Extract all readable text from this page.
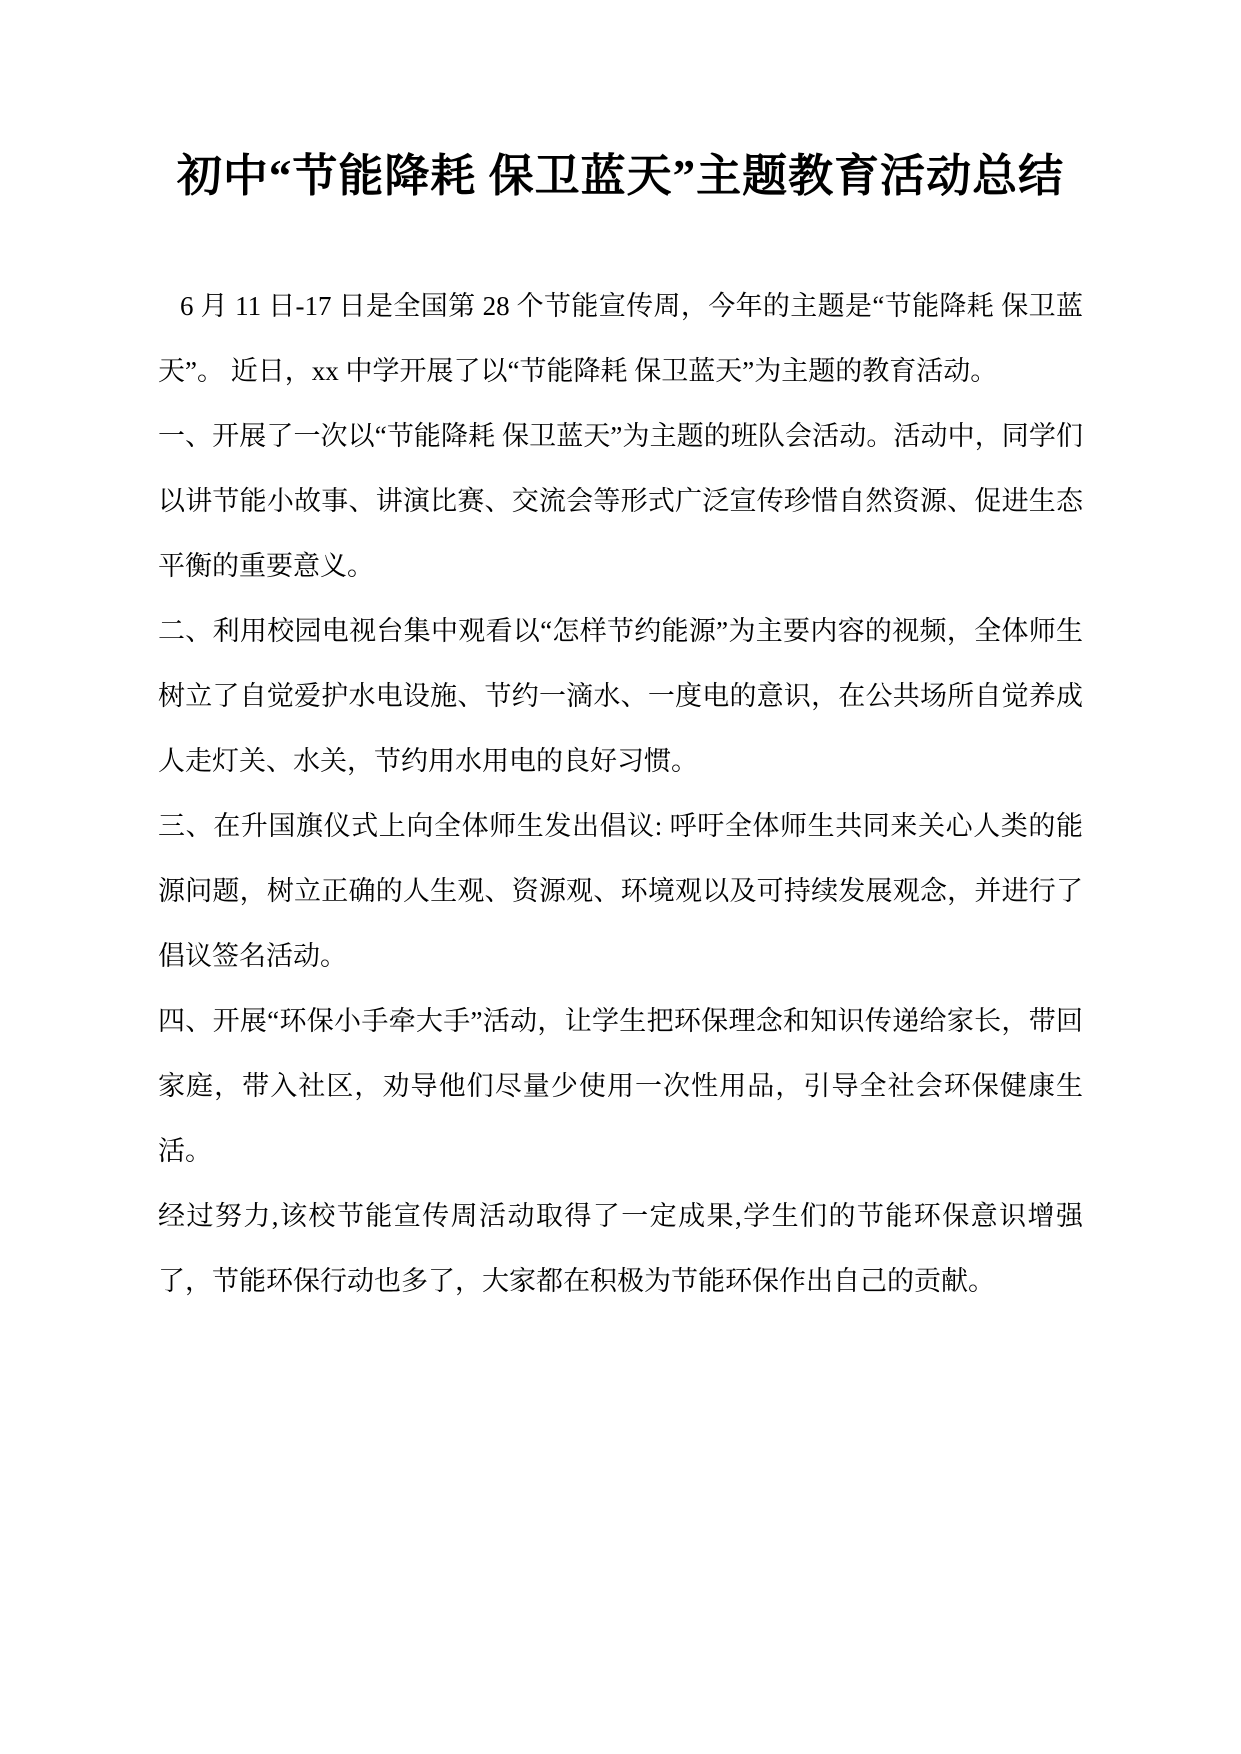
初中“节能降耗 保卫蓝天”主题教育活动总结

6 月 11 日-17 日是全国第 28 个节能宣传周，今年的主题是“节能降耗 保卫蓝天”。 近日，xx 中学开展了以“节能降耗 保卫蓝天”为主题的教育活动。

一、开展了一次以“节能降耗 保卫蓝天”为主题的班队会活动。活动中，同学们以讲节能小故事、讲演比赛、交流会等形式广泛宣传珍惜自然资源、促进生态平衡的重要意义。

二、利用校园电视台集中观看以“怎样节约能源”为主要内容的视频，全体师生树立了自觉爱护水电设施、节约一滴水、一度电的意识，在公共场所自觉养成人走灯关、水关，节约用水用电的良好习惯。

三、在升国旗仪式上向全体师生发出倡议: 呼吁全体师生共同来关心人类的能源问题，树立正确的人生观、资源观、环境观以及可持续发展观念，并进行了倡议签名活动。

四、开展“环保小手牵大手”活动，让学生把环保理念和知识传递给家长，带回家庭，带入社区，劝导他们尽量少使用一次性用品，引导全社会环保健康生活。

经过努力,该校节能宣传周活动取得了一定成果,学生们的节能环保意识增强了，节能环保行动也多了，大家都在积极为节能环保作出自己的贡献。
